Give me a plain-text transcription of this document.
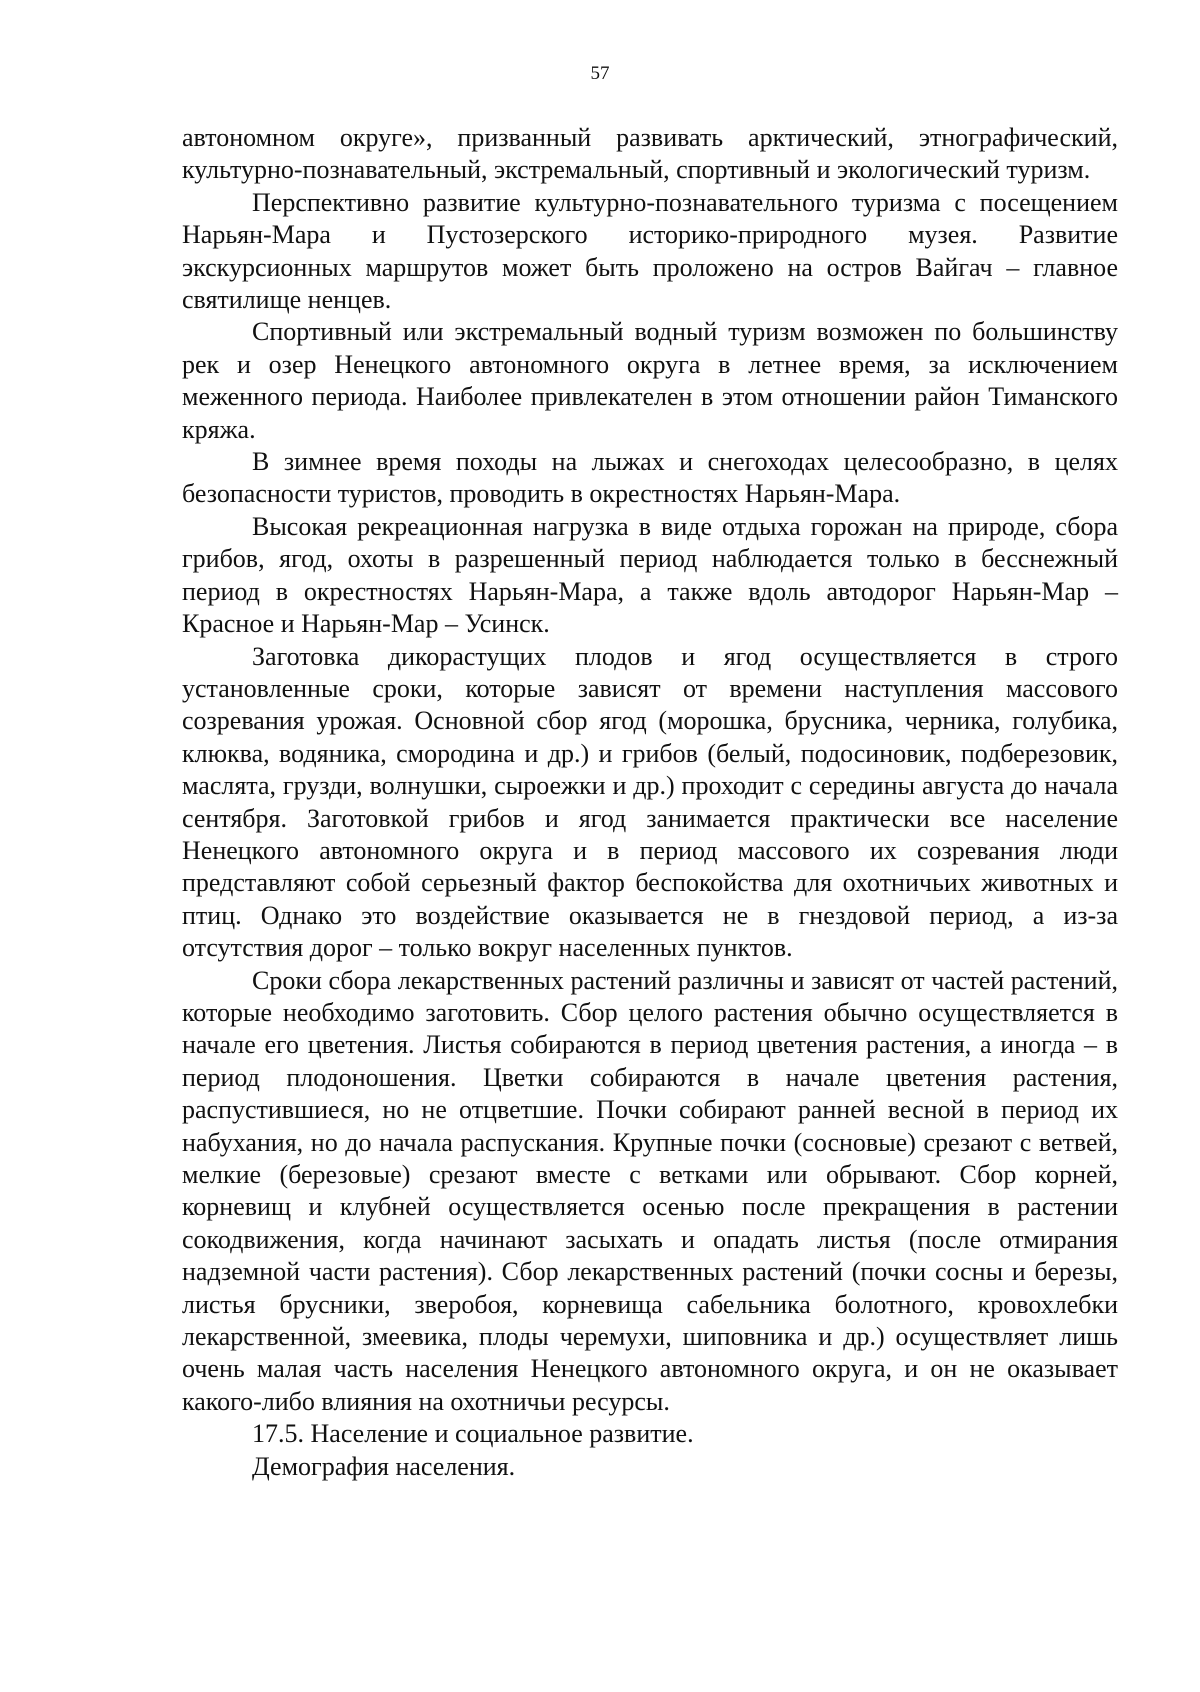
57

автономном округе», призванный развивать арктический, этнографический, культурно-познавательный, экстремальный, спортивный и экологический туризм.

Перспективно развитие культурно-познавательного туризма с посещением Нарьян-Мара и Пустозерского историко-природного музея. Развитие экскурсионных маршрутов может быть проложено на остров Вайгач – главное святилище ненцев.

Спортивный или экстремальный водный туризм возможен по большинству рек и озер Ненецкого автономного округа в летнее время, за исключением меженного периода. Наиболее привлекателен в этом отношении район Тиманского кряжа.

В зимнее время походы на лыжах и снегоходах целесообразно, в целях безопасности туристов, проводить в окрестностях Нарьян-Мара.

Высокая рекреационная нагрузка в виде отдыха горожан на природе, сбора грибов, ягод, охоты в разрешенный период наблюдается только в бесснежный период в окрестностях Нарьян-Мара, а также вдоль автодорог Нарьян-Мар – Красное и Нарьян-Мар – Усинск.

Заготовка дикорастущих плодов и ягод осуществляется в строго установленные сроки, которые зависят от времени наступления массового созревания урожая. Основной сбор ягод (морошка, брусника, черника, голубика, клюква, водяника, смородина и др.) и грибов (белый, подосиновик, подберезовик, маслята, грузди, волнушки, сыроежки и др.) проходит с середины августа до начала сентября. Заготовкой грибов и ягод занимается практически все население Ненецкого автономного округа и в период массового их созревания люди представляют собой серьезный фактор беспокойства для охотничьих животных и птиц. Однако это воздействие оказывается не в гнездовой период, а из-за отсутствия дорог – только вокруг населенных пунктов.

Сроки сбора лекарственных растений различны и зависят от частей растений, которые необходимо заготовить. Сбор целого растения обычно осуществляется в начале его цветения. Листья собираются в период цветения растения, а иногда – в период плодоношения. Цветки собираются в начале цветения растения, распустившиеся, но не отцветшие. Почки собирают ранней весной в период их набухания, но до начала распускания. Крупные почки (сосновые) срезают с ветвей, мелкие (березовые) срезают вместе с ветками или обрывают. Сбор корней, корневищ и клубней осуществляется осенью после прекращения в растении сокодвижения, когда начинают засыхать и опадать листья (после отмирания надземной части растения). Сбор лекарственных растений (почки сосны и березы, листья брусники, зверобоя, корневища сабельника болотного, кровохлебки лекарственной, змеевика, плоды черемухи, шиповника и др.) осуществляет лишь очень малая часть населения Ненецкого автономного округа, и он не оказывает какого-либо влияния на охотничьи ресурсы.

17.5. Население и социальное развитие.

Демография населения.
